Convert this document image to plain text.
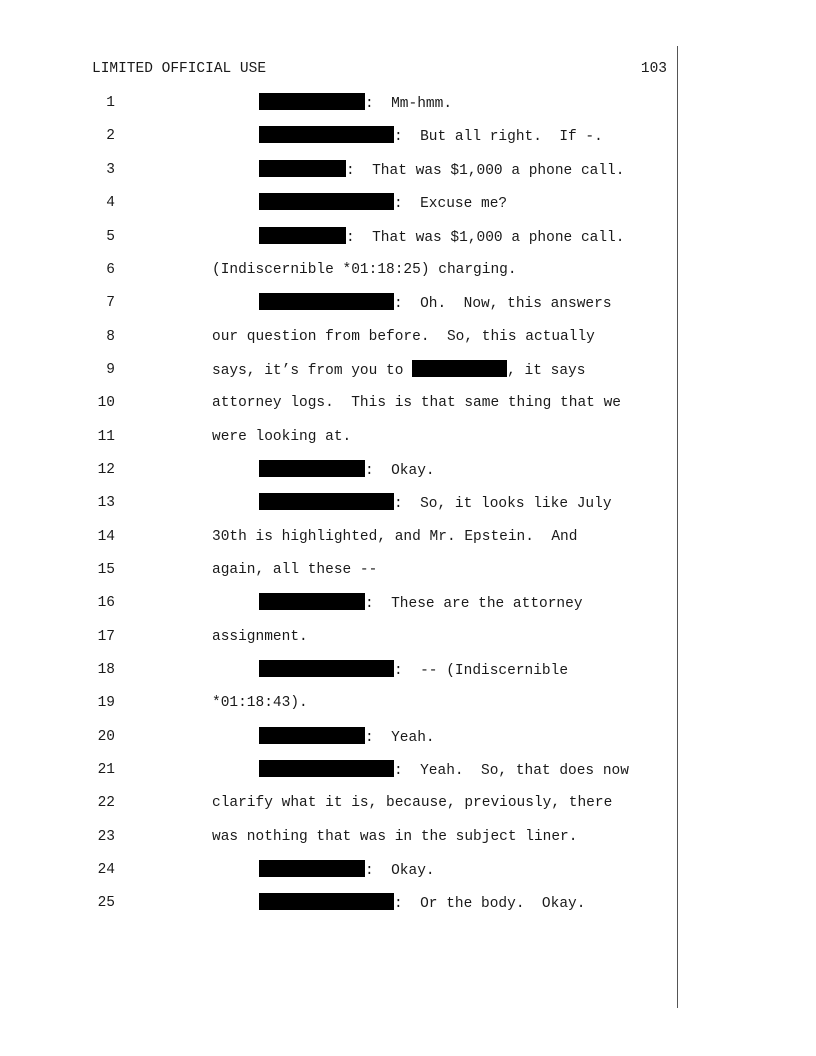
LIMITED OFFICIAL USE	103
1	:  Mm-hmm.
2	:  But all right.  If -.
3	:  That was $1,000 a phone call.
4	:  Excuse me?
5	:  That was $1,000 a phone call.
6	(Indiscernible *01:18:25) charging.
7	:  Oh.  Now, this answers
8	our question from before.  So, this actually
9	says, it’s from you to	, it says
10	attorney logs.  This is that same thing that we
11	were looking at.
12	:  Okay.
13	:  So, it looks like July
14	30th is highlighted, and Mr. Epstein.  And
15	again, all these --
16	:  These are the attorney
17	assignment.
18	:  -- (Indiscernible
19	*01:18:43).
20	:  Yeah.
21	:  Yeah.  So, that does now
22	clarify what it is, because, previously, there
23	was nothing that was in the subject liner.
24	:  Okay.
25	:  Or the body.  Okay.
